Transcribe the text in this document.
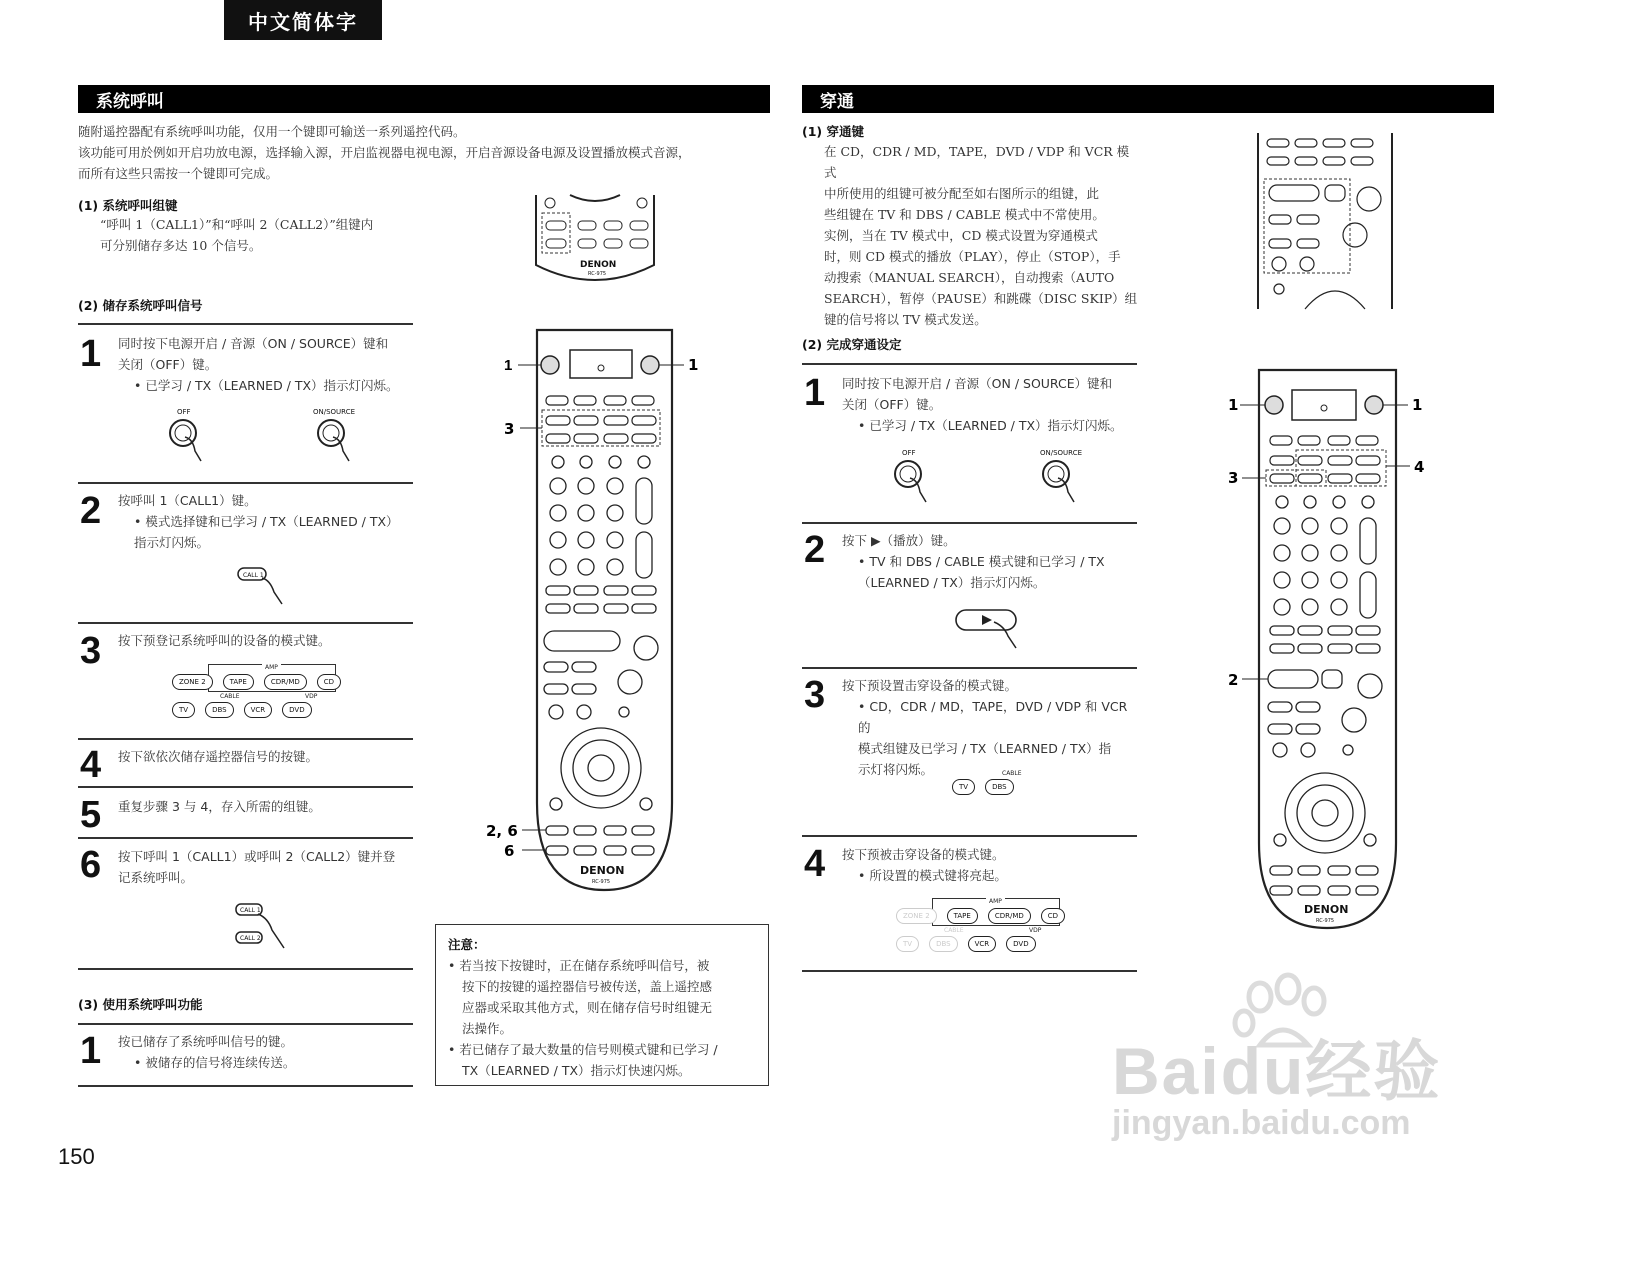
中文简体字
系统呼叫
随附遥控器配有系统呼叫功能，仅用一个键即可输送一系列遥控代码。
该功能可用於例如开启功放电源，选择输入源，开启监视器电视电源，开启音源设备电源及设置播放模式音源，
而所有这些只需按一个键即可完成。
(1) 系统呼叫组键
“呼叫 1（CALL1）”和“呼叫 2（CALL2）”组键内
可分别储存多达 10 个信号。
DENON
RC-975
(2) 储存系统呼叫信号
1 同时按下电源开启 / 音源（ON / SOURCE）键和
关闭（OFF）键。
• 已学习 / TX（LEARNED / TX）指示灯闪烁。
OFF	ON/SOURCE
2 按呼叫 1（CALL1）键。
• 模式选择键和已学习 / TX（LEARNED / TX）
指示灯闪烁。
CALL 1
3 按下预登记系统呼叫的设备的模式键。
AMP
ZONE 2	TAPE	CDR/MD	CD
CABLE	VDP
TV	DBS	VCR	DVD
4 按下欲依次储存遥控器信号的按键。
5 重复步骤 3 与 4，存入所需的组键。
6 按下呼叫 1（CALL1）或呼叫 2（CALL2）键并登
记系统呼叫。
CALL 1
CALL 2
(3) 使用系统呼叫功能
1 按已储存了系统呼叫信号的键。
• 被储存的信号将连续传送。
注意：
• 若当按下按键时，正在储存系统呼叫信号，被
按下的按键的遥控器信号被传送，盖上遥控感
应器或采取其他方式，则在储存信号时组键无
法操作。
• 若已储存了最大数量的信号则模式键和已学习 /
TX（LEARNED / TX）指示灯快速闪烁。
1	1
3
2, 6
6
DENON
RC-975
穿通
(1) 穿通键
在 CD，CDR / MD，TAPE，DVD / VDP 和 VCR 模式
中所使用的组键可被分配至如右图所示的组键，此
些组键在 TV 和 DBS / CABLE 模式中不常使用。
实例，当在 TV 模式中，CD 模式设置为穿通模式
时，则 CD 模式的播放（PLAY），停止（STOP），手
动搜索（MANUAL SEARCH），自动搜索（AUTO
SEARCH），暂停（PAUSE）和跳碟（DISC SKIP）组
键的信号将以 TV 模式发送。
(2) 完成穿通设定
1 同时按下电源开启 / 音源（ON / SOURCE）键和
关闭（OFF）键。
• 已学习 / TX（LEARNED / TX）指示灯闪烁。
OFF	ON/SOURCE
2 按下 ▶（播放）键。
• TV 和 DBS / CABLE 模式键和已学习 / TX
（LEARNED / TX）指示灯闪烁。
3 按下预设置击穿设备的模式键。
• CD，CDR / MD，TAPE，DVD / VDP 和 VCR 的
模式组键及已学习 / TX（LEARNED / TX）指
示灯将闪烁。	CABLE
TV	DBS
4 按下预被击穿设备的模式键。
• 所设置的模式键将亮起。
AMP
ZONE 2	TAPE	CDR/MD	CD
CABLE	VDP
TV	DBS	VCR	DVD
1	1
3
4
2
DENON
RC-975
150
Baidu经验
jingyan.baidu.com
